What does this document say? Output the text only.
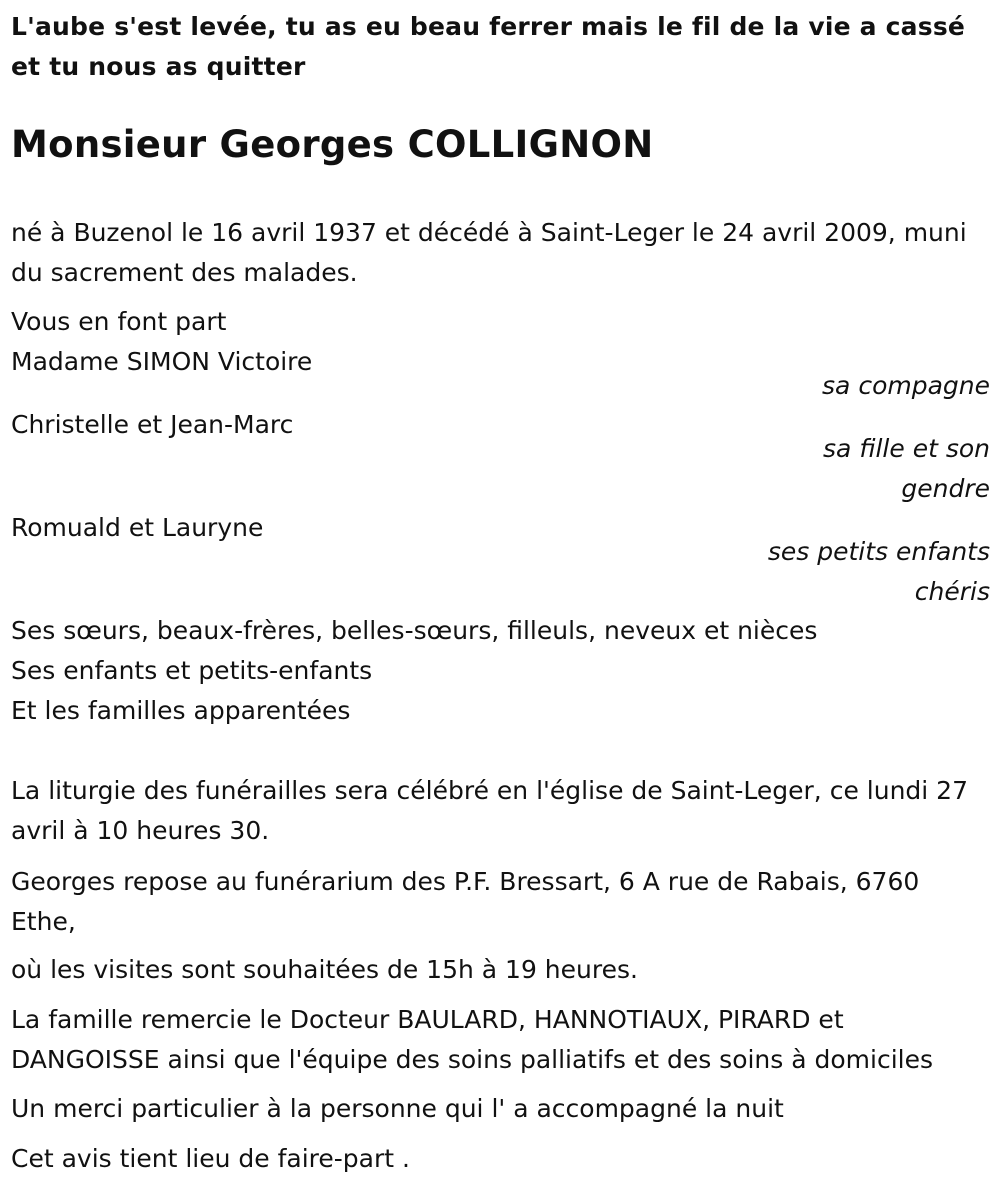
L'aube s'est levée, tu as eu beau ferrer mais le fil de la vie a cassé et tu nous as quitter
Monsieur Georges COLLIGNON

né à Buzenol le 16 avril 1937 et décédé à Saint-Leger le 24 avril 2009, muni du sacrement des malades.

Vous en font part

Madame SIMON Victoire

sa compagne

Christelle et Jean-Marc

sa fille et son
gendre

Romuald et Lauryne

ses petits enfants
chéris

Ses sœurs, beaux-frères, belles-sœurs, filleuls, neveux et nièces

Ses enfants et petits-enfants

Et les familles apparentées

La liturgie des funérailles sera célébré en l'église de Saint-Leger, ce lundi 27 avril à 10 heures 30.

Georges repose au funérarium des P.F. Bressart, 6 A rue de Rabais, 6760 Ethe,

où les visites sont souhaitées de 15h à 19 heures.

La famille remercie le Docteur BAULARD, HANNOTIAUX, PIRARD et DANGOISSE ainsi que l'équipe des soins palliatifs et des soins à domiciles

Un merci particulier à la personne qui l' a accompagné la nuit

Cet avis tient lieu de faire-part .
